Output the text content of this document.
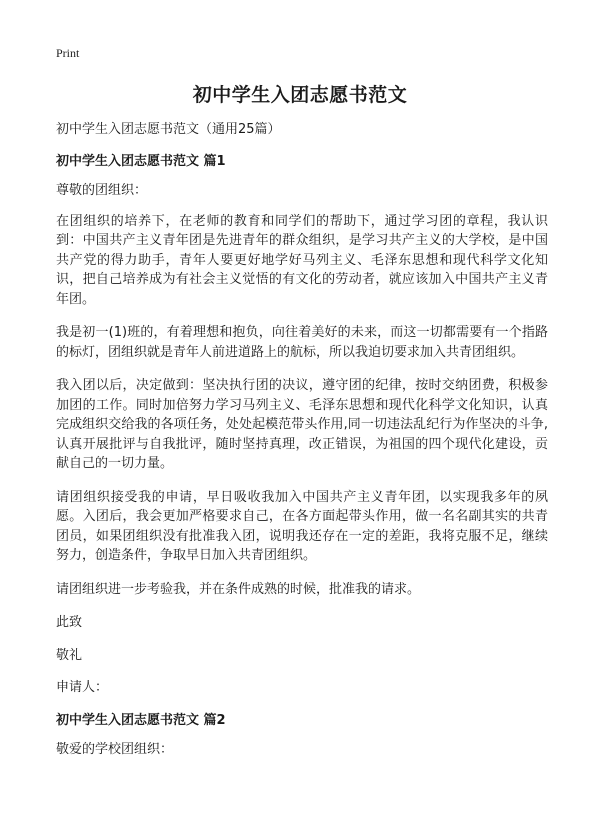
Print
初中学生入团志愿书范文

初中学生入团志愿书范文（通用25篇）

初中学生入团志愿书范文 篇1

尊敬的团组织：

在团组织的培养下，在老师的教育和同学们的帮助下，通过学习团的章程，我认识到：中国共产主义青年团是先进青年的群众组织，是学习共产主义的大学校，是中国共产党的得力助手，青年人要更好地学好马列主义、毛泽东思想和现代科学文化知识，把自己培养成为有社会主义觉悟的有文化的劳动者，就应该加入中国共产主义青年团。

我是初一(1)班的，有着理想和抱负，向往着美好的未来，而这一切都需要有一个指路的标灯，团组织就是青年人前进道路上的航标，所以我迫切要求加入共青团组织。

我入团以后，决定做到：坚决执行团的决议，遵守团的纪律，按时交纳团费，积极参加团的工作。同时加倍努力学习马列主义、毛泽东思想和现代化科学文化知识，认真完成组织交给我的各项任务，处处起模范带头作用,同一切违法乱纪行为作坚决的斗争,认真开展批评与自我批评，随时坚持真理，改正错误，为祖国的四个现代化建设，贡献自己的一切力量。

请团组织接受我的申请，早日吸收我加入中国共产主义青年团，以实现我多年的夙愿。入团后，我会更加严格要求自己，在各方面起带头作用，做一名名副其实的共青团员，如果团组织没有批准我入团，说明我还存在一定的差距，我将克服不足，继续努力，创造条件，争取早日加入共青团组织。

请团组织进一步考验我，并在条件成熟的时候，批准我的请求。

此致

敬礼

申请人：

初中学生入团志愿书范文 篇2

敬爱的学校团组织：
